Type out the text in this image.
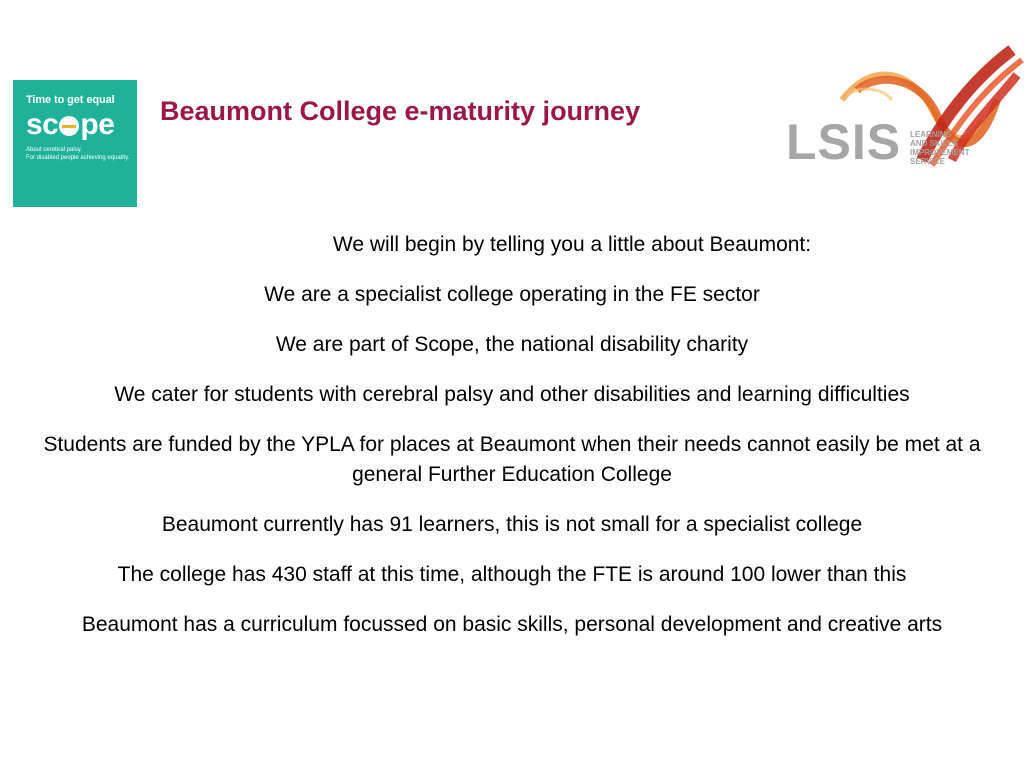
Time to get equal
sc pe
About cerebral palsy.
For disabled people achieving equality.
Beaumont College e-maturity journey
LSIS LEARNING
AND SKILLS
IMPROVEMENT
SERVICE

We will begin by telling you a little about Beaumont:

We are a specialist college operating in the FE sector

We are part of Scope, the national disability charity

We cater for students with cerebral palsy and other disabilities and learning difficulties

Students are funded by the YPLA for places at Beaumont when their needs cannot easily be met at a general Further Education College

Beaumont currently has 91 learners, this is not small for a specialist college

The college has 430 staff at this time, although the FTE is around 100 lower than this

Beaumont has a curriculum focussed on basic skills, personal development and creative arts
